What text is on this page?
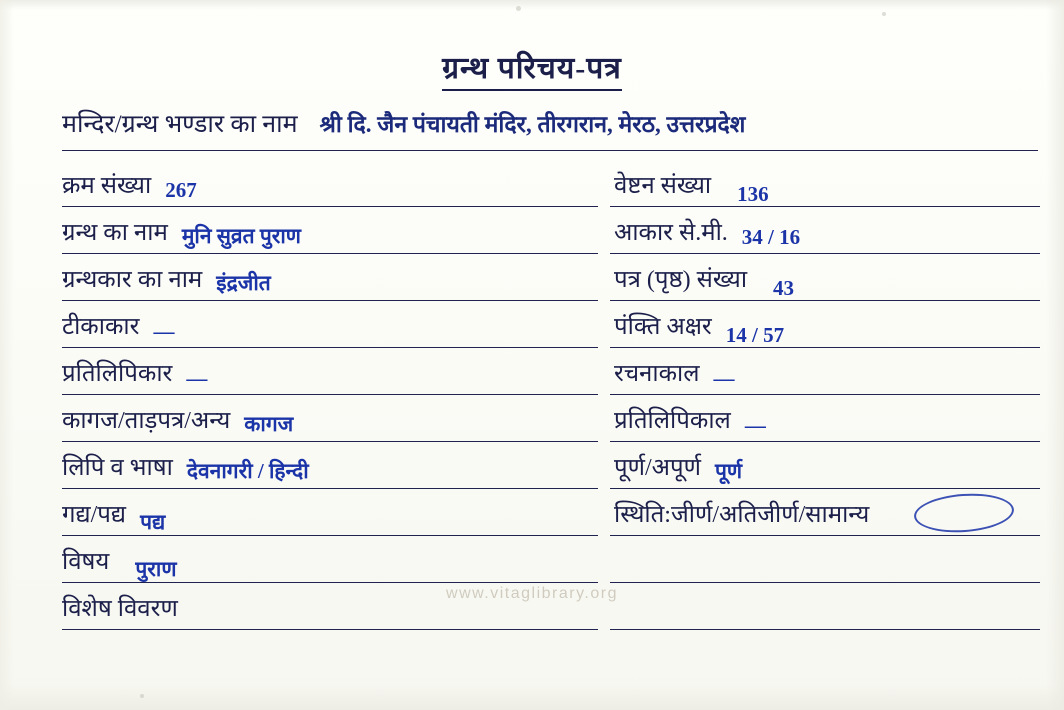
ग्रन्थ परिचय-पत्र
मन्दिर/ग्रन्थ भण्डार का नाम श्री दि. जैन पंचायती मंदिर, तीरगरान, मेरठ, उत्तरप्रदेश
क्रम संख्या 267	वेष्टन संख्या 136
ग्रन्थ का नाम मुनि सुव्रत पुराण	आकार से.मी. 34 / 16
ग्रन्थकार का नाम इंद्रजीत	पत्र (पृष्ठ) संख्या 43
टीकाकार —	पंक्ति अक्षर 14 / 57
प्रतिलिपिकार —	रचनाकाल —
कागज/ताड़पत्र/अन्य कागज	प्रतिलिपिकाल —
लिपि व भाषा देवनागरी / हिन्दी	पूर्ण/अपूर्ण पूर्ण
गद्य/पद्य पद्य	स्थिति:जीर्ण/अतिजीर्ण/सामान्य
विषय पुराण
विशेष विवरण
www.vitaglibrary.org
